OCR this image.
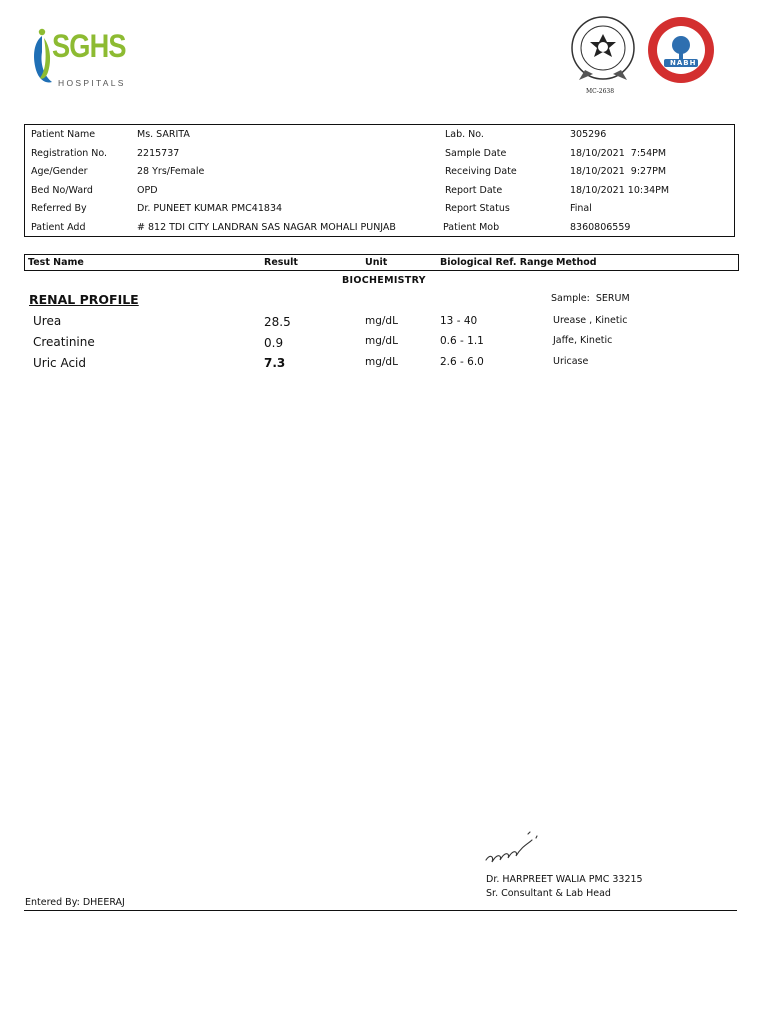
SGHS
HOSPITALS
MC-2638
NABH
Patient Name	Ms. SARITA
Registration No.	2215737
Age/Gender	28 Yrs/Female
Bed No/Ward	OPD
Referred By	Dr. PUNEET KUMAR PMC41834
Patient Add	# 812 TDI CITY LANDRAN SAS NAGAR MOHALI PUNJAB
Lab. No.	305296
Sample Date	18/10/2021  7:54PM
Receiving Date	18/10/2021  9:27PM
Report Date	18/10/2021 10:34PM
Report Status	Final
Patient Mob	8360806559
Test Name	Result	Unit	Biological Ref. Range Method
BIOCHEMISTRY
RENAL PROFILE	Sample:  SERUM
Urea	28.5	mg/dL	13 - 40	Urease , Kinetic
Creatinine	0.9	mg/dL	0.6 - 1.1	Jaffe, Kinetic
Uric Acid	7.3	mg/dL	2.6 - 6.0	Uricase
Dr. HARPREET WALIA PMC 33215
Sr. Consultant & Lab Head
Entered By: DHEERAJ
